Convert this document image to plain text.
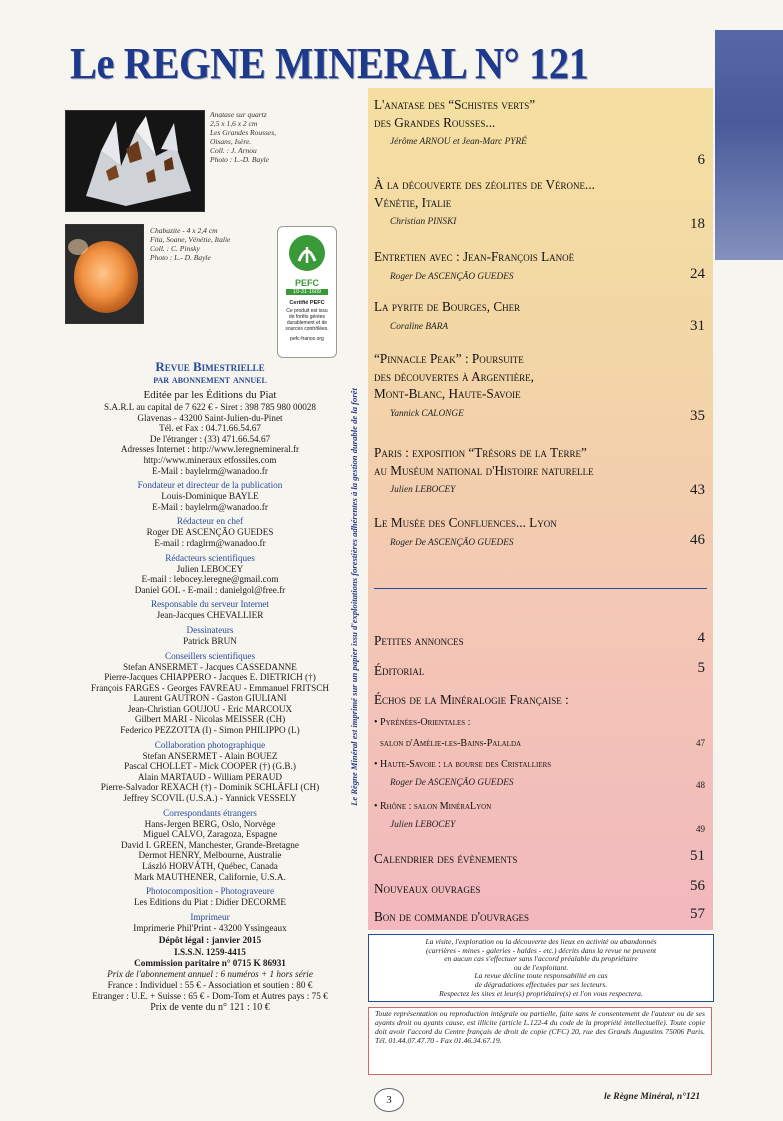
Le REGNE MINERAL N° 121
Anatase sur quartz
2,5 x 1,6 x 2 cm
Les Grandes Rousses,
Oisans, Isère.
Coll. : J. Arnou
Photo : L.-D. Bayle
Chabazite - 4 x 2,4 cm
Fita, Soane, Vénétie, Italie
Coll. : C. Pinsky
Photo : L.- D. Bayle
PEFC
10-31-1609
Certifié PEFC
Ce produit est issu
de forêts gérées
durablement et de
sources contrôlées.
pefc-france.org
Revue Bimestrielle
par abonnement annuel
Editée par les Éditions du Piat
S.A.R.L au capital de 7 622 € - Siret : 398 785 980 00028
Glavenas - 43200 Saint-Julien-du-Pinet
Tél. et Fax : 04.71.66.54.67
De l'étranger : (33) 471.66.54.67
Adresses Internet : http://www.leregnemineral.fr
http://www.mineraux etfossiles.com
E-Mail : baylelrm@wanadoo.fr
Fondateur et directeur de la publication
Louis-Dominique BAYLE
E-Mail : baylelrm@wanadoo.fr
Rédacteur en chef
Roger DE ASCENÇÃO GUEDES
E-mail : rdaglrm@wanadoo.fr
Rédacteurs scientifiques
Julien LEBOCEY
E-mail : lebocey.leregne@gmail.com
Daniel GOL - E-mail : danielgol@free.fr
Responsable du serveur Internet
Jean-Jacques CHEVALLIER
Dessinateurs
Patrick BRUN
Conseillers scientifiques
Stefan ANSERMET - Jacques CASSEDANNE
Pierre-Jacques CHIAPPERO - Jacques E. DIETRICH (†)
François FARGES - Georges FAVREAU - Emmanuel FRITSCH
Laurent GAUTRON - Gaston GIULIANI
Jean-Christian GOUJOU - Eric MARCOUX
Gilbert MARI - Nicolas MEISSER (CH)
Federico PEZZOTTA (I) - Simon PHILIPPO (L)
Collaboration photographique
Stefan ANSERMET - Alain BOUEZ
Pascal CHOLLET - Mick COOPER (†) (G.B.)
Alain MARTAUD - William PERAUD
Pierre-Salvador REXACH (†) - Dominik SCHLÄFLI (CH)
Jeffrey SCOVIL (U.S.A.) - Yannick VESSELY
Correspondants étrangers
Hans-Jergen BERG, Oslo, Norvège
Miguel CALVO, Zaragoza, Espagne
David I. GREEN, Manchester, Grande-Bretagne
Dermot HENRY, Melbourne, Australie
László HORVÁTH, Québec, Canada
Mark MAUTHENER, Californie, U.S.A.
Photocomposition - Photograveure
Les Editions du Piat : Didier DECORME
Imprimeur
Imprimerie Phil'Print - 43200 Yssingeaux
Dépôt légal : janvier 2015
I.S.S.N. 1259-4415
Commission paritaire n° 0715 K 86931
Prix de l'abonnement annuel : 6 numéros + 1 hors série
France : Individuel : 55 € - Association et soutien : 80 €
Etranger : U.E. + Suisse : 65 € - Dom-Tom et Autres pays : 75 €
Prix de vente du n° 121 : 10 €
Le Règne Minéral est imprimé sur un papier issu d'exploitations forestières adhérentes à la gestion durable de la forêt
L'anatase des “Schistes verts”
des Grandes Rousses...
Jérôme ARNOU et Jean-Marc PYRÉ
6
À la découverte des zéolites de Vérone...
Vénétie, Italie
Christian PINSKI	18
Entretien avec : Jean-François Lanoë
Roger De ASCENÇÃO GUEDES	24
La pyrite de Bourges, Cher
Coraline BARA	31
“Pinnacle Peak” : Poursuite
des découvertes à Argentière,
Mont-Blanc, Haute-Savoie
Yannick CALONGE	35
Paris : exposition “Trésors de la Terre”
au Muséum national d'Histoire naturelle
Julien LEBOCEY	43
Le Musée des Confluences... Lyon
Roger De ASCENÇÃO GUEDES	46
Petites annonces	4
Éditorial	5
Échos de la Minéralogie Française :
• Pyrénées-Orientales :
salon d'Amélie-les-Bains-Palalda	47
• Haute-Savoie : la bourse des Cristalliers
Roger De ASCENÇÃO GUEDES	48
• Rhône : salon MinéraLyon
Julien LEBOCEY	49
Calendrier des évènements	51
Nouveaux ouvrages	56
Bon de commande d'ouvrages	57
La visite, l'exploration ou la découverte des lieux en activité ou abandonnés
(carrières - mines - galeries - haldes - etc.) décrits dans la revue ne peuvent
en aucun cas s'effectuer sans l'accord préalable du propriétaire
ou de l'exploitant.
La revue décline toute responsabilité en cas
de dégradations effectuées par ses lecteurs.
Respectez les sites et leur(s) propriétaire(s) et l'on vous respectera.
Toute représentation ou reproduction intégrale ou partielle, faite sans le consentement de l'auteur ou de ses ayants droit ou ayants cause, est illicite (article L.122-4 du code de la propriété intellectuelle). Toute copie doit avoir l'accord du Centre français de droit de copie (CFC) 20, rue des Grands Augustins 75006 Paris. Tél. 01.44.07.47.70 - Fax 01.46.34.67.19.
3	le Règne Minéral, n°121
